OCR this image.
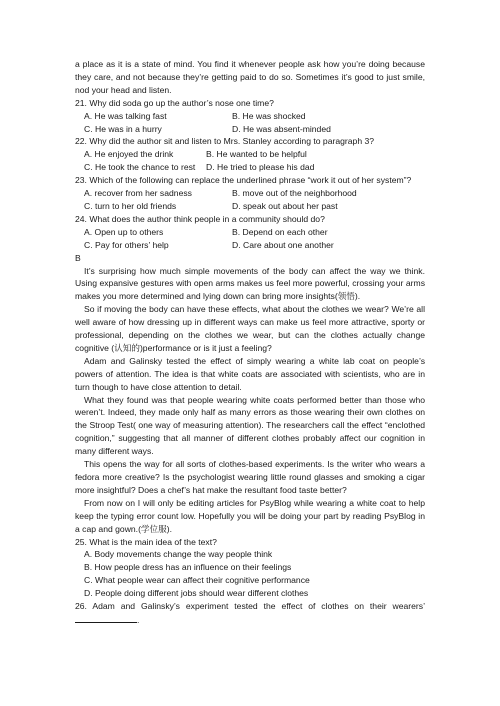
a place as it is a state of mind. You find it whenever people ask how you’re doing because they care, and not because they’re getting paid to do so. Sometimes it’s good to just smile, nod your head and listen.

21. Why did soda go up the author’s nose one time?

A. He was talking fast	B. He was shocked
C. He was in a hurry	D. He was absent-minded

22. Why did the author sit and listen to Mrs. Stanley according to paragraph 3?

A. He enjoyed the drink	B. He wanted to be helpful
C. He took the chance to rest	D. He tried to please his dad

23. Which of the following can replace the underlined phrase “work it out of her system”?

A. recover from her sadness	B. move out of the neighborhood
C. turn to her old friends	D. speak out about her past

24. What does the author think people in a community should do?

A. Open up to others	B. Depend on each other
C. Pay for others’ help	D. Care about one another

B

It’s surprising how much simple movements of the body can affect the way we think. Using expansive gestures with open arms makes us feel more powerful, crossing your arms makes you more determined and lying down can bring more insights(领悟).

So if moving the body can have these effects, what about the clothes we wear? We’re all well aware of how dressing up in different ways can make us feel more attractive, sporty or professional, depending on the clothes we wear, but can the clothes actually change cognitive (认知的)performance or is it just a feeling?

Adam and Galinsky tested the effect of simply wearing a white lab coat on people’s powers of attention. The idea is that white coats are associated with scientists, who are in turn though to have close attention to detail.

What they found was that people wearing white coats performed better than those who weren’t. Indeed, they made only half as many errors as those wearing their own clothes on the Stroop Test( one way of measuring attention). The researchers call the effect “enclothed cognition,” suggesting that all manner of different clothes probably affect our cognition in many different ways.

This opens the way for all sorts of clothes-based experiments. Is the writer who wears a fedora more creative? Is the psychologist wearing little round glasses and smoking a cigar more insightful? Does a chef’s hat make the resultant food taste better?

From now on I will only be editing articles for PsyBlog while wearing a white coat to help keep the typing error count low. Hopefully you will be doing your part by reading PsyBlog in a cap and gown.(学位服).

25. What is the main idea of the text?

A. Body movements change the way people think
B. How people dress has an influence on their feelings
C. What people wear can affect their cognitive performance
D. People doing different jobs should wear different clothes

26. Adam and Galinsky’s experiment tested the effect of clothes on their wearers’.
